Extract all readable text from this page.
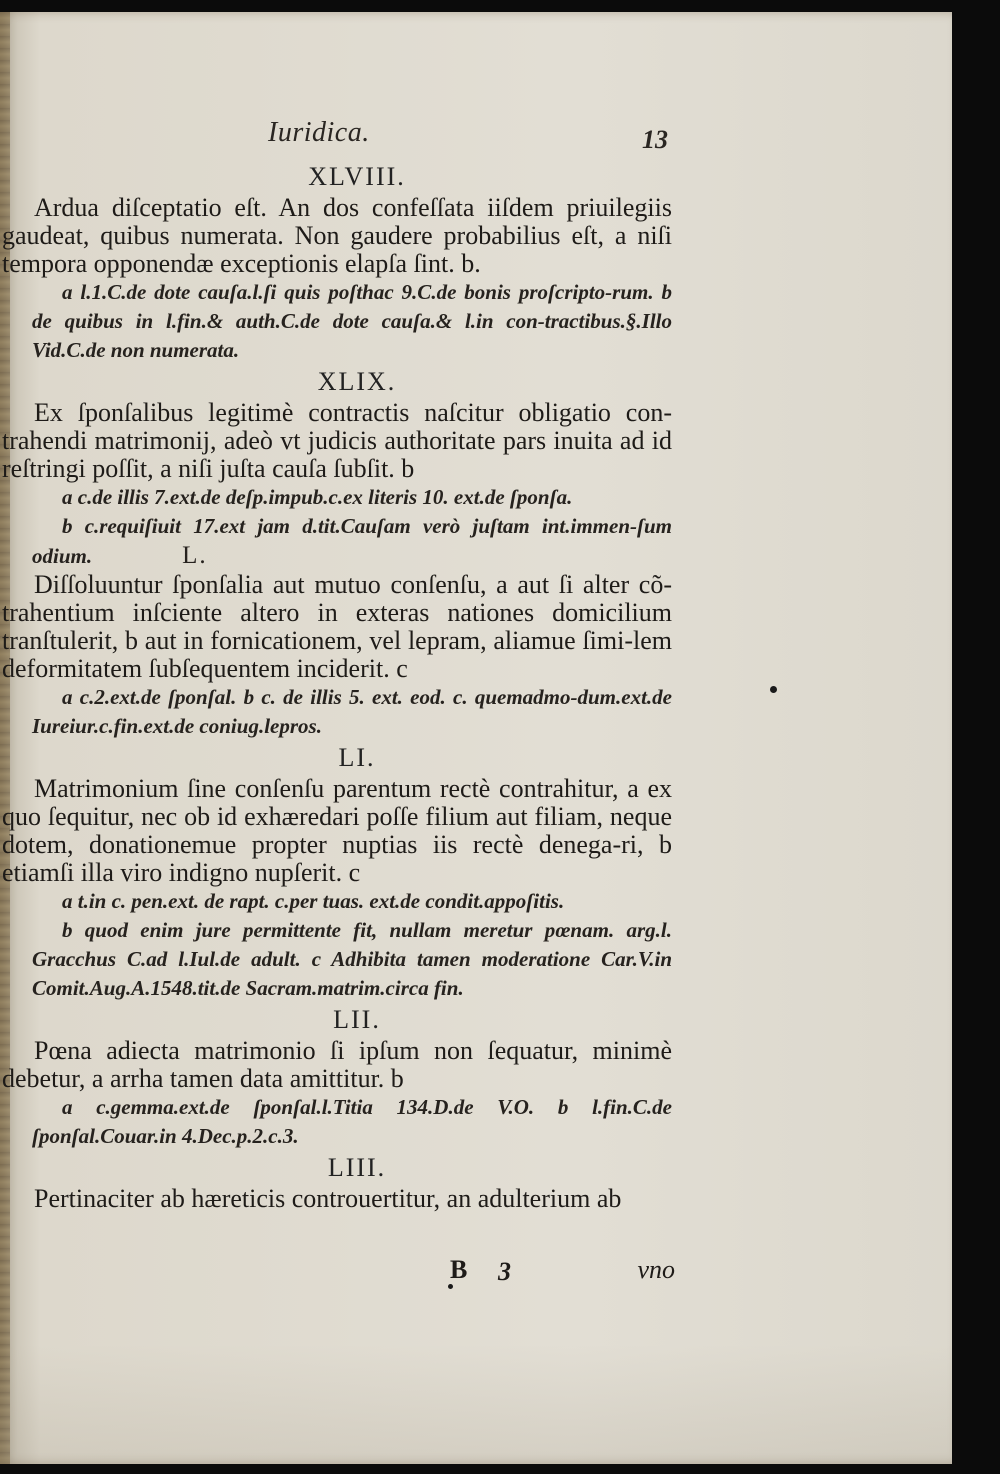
Iuridica.	13
XLVIII.

Ardua diſceptatio eſt. An dos confeſſata iiſdem priuilegiis gaudeat, quibus numerata. Non gaudere probabilius eſt, a niſi tempora opponendæ exceptionis elapſa ſint. b.

a l.1.C.de dote cauſa.l.ſi quis poſthac 9.C.de bonis proſcripto-rum. b de quibus in l.fin.& auth.C.de dote cauſa.& l.in con-tractibus.§.Illo Vid.C.de non numerata.

XLIX.

Ex ſponſalibus legitimè contractis naſcitur obligatio con-trahendi matrimonij, adeò vt judicis authoritate pars inuita ad id reſtringi poſſit, a niſi juſta cauſa ſubſit. b

a c.de illis 7.ext.de deſp.impub.c.ex literis 10. ext.de ſponſa.

b c.requiſiuit 17.ext jam d.tit.Cauſam verò juſtam int.immen-ſum odium.	L.

Diſſoluuntur ſponſalia aut mutuo conſenſu, a aut ſi alter cõ-trahentium inſciente altero in exteras nationes domicilium tranſtulerit, b aut in fornicationem, vel lepram, aliamue ſimi-lem deformitatem ſubſequentem inciderit. c

a c.2.ext.de ſponſal. b c. de illis 5. ext. eod. c. quemadmo-dum.ext.de Iureiur.c.fin.ext.de coniug.lepros.

LI.

Matrimonium ſine conſenſu parentum rectè contrahitur, a ex quo ſequitur, nec ob id exhæredari poſſe filium aut filiam, neque dotem, donationemue propter nuptias iis rectè denega-ri, b etiamſi illa viro indigno nupſerit. c

a t.in c. pen.ext. de rapt. c.per tuas. ext.de condit.appoſitis.

b quod enim jure permittente fit, nullam meretur pœnam. arg.l. Gracchus C.ad l.Iul.de adult. c Adhibita tamen moderatione Car.V.in Comit.Aug.A.1548.tit.de Sacram.matrim.circa fin.

LII.

Pœna adiecta matrimonio ſi ipſum non ſequatur, minimè debetur, a arrha tamen data amittitur. b

a c.gemma.ext.de ſponſal.l.Titia 134.D.de V.O. b l.fin.C.de ſponſal.Couar.in 4.Dec.p.2.c.3.

LIII.

Pertinaciter ab hæreticis controuertitur, an adulterium ab

B 3	vno
